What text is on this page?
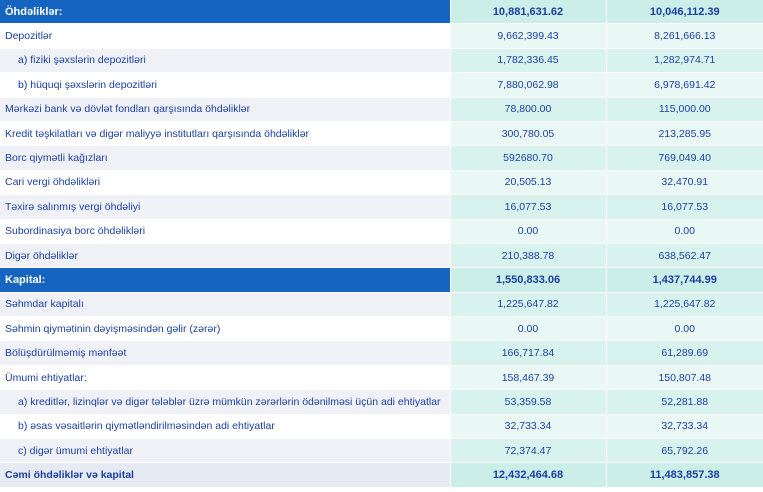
Öhdəliklər:	10,881,631.62	10,046,112.39
Depozitlər	9,662,399.43	8,261,666.13
a) fiziki şəxslərin depozitləri	1,782,336.45	1,282,974.71
b) hüquqi şəxslərin depozitləri	7,880,062.98	6,978,691.42
Mərkəzi bank və dövlət fondları qarşısında öhdəliklər	78,800.00	115,000.00
Kredit təşkilatları və digər maliyyə institutları qarşısında öhdəliklər	300,780.05	213,285.95
Borc qiymətli kağızları	592680.70	769,049.40
Cari vergi öhdəlikləri	20,505.13	32,470.91
Təxirə salınmış vergi öhdəliyi	16,077.53	16,077.53
Subordinasiya borc öhdəlikləri	0.00	0.00
Digər öhdəliklər	210,388.78	638,562.47
Kapital:	1,550,833.06	1,437,744.99
Səhmdar kapitalı	1,225,647.82	1,225,647.82
Səhmin qiymətinin dəyişməsindən gəlir (zərər)	0.00	0.00
Bölüşdürülməmiş mənfəət	166,717.84	61,289.69
Ümumi ehtiyatlar:	158,467.39	150,807.48
a) kreditlər, lizinqlər və digər tələblər üzrə mümkün zərərlərin ödənilməsi üçün adi ehtiyatlar	53,359.58	52,281.88
b) əsas vəsaitlərin qiymətləndirilməsindən adi ehtiyatlar	32,733.34	32,733.34
c) digər ümumi ehtiyatlar	72,374.47	65,792.26
Cəmi öhdəliklər və kapital	12,432,464.68	11,483,857.38
